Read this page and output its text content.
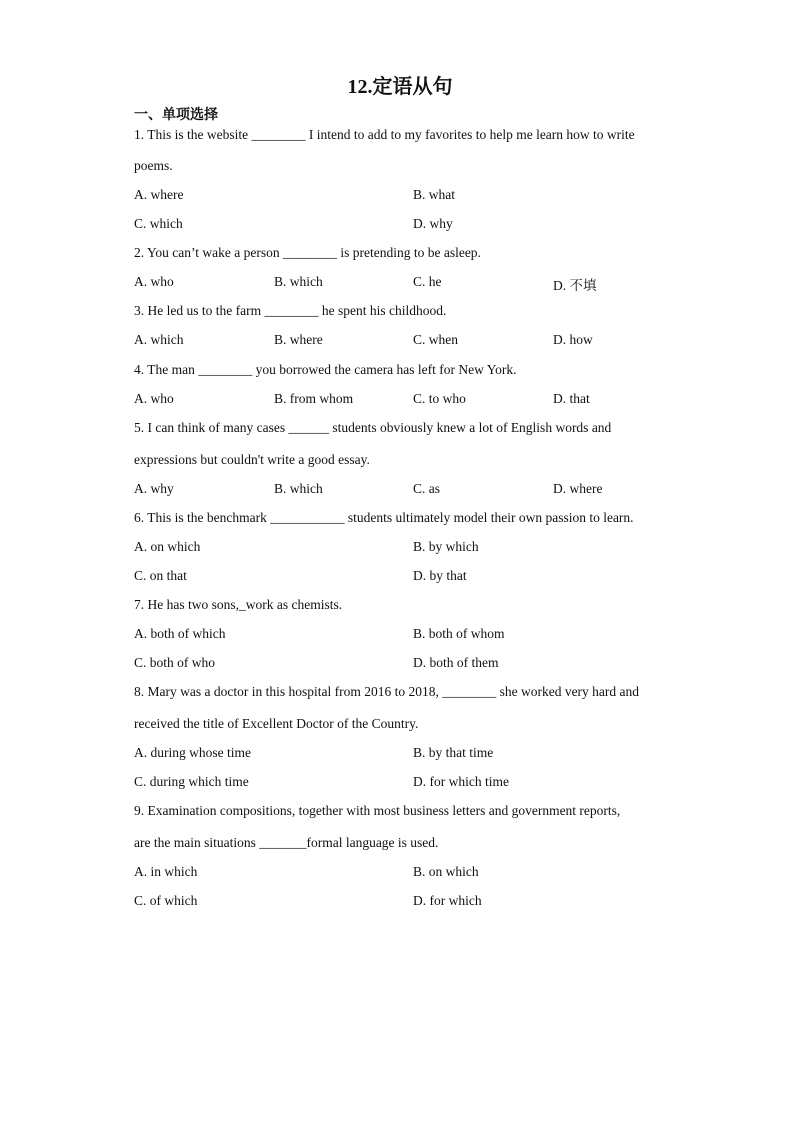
12.定语从句
一、单项选择
1. This is the website ________ I intend to add to my favorites to help me learn how to write
poems.
A. where	B. what
C. which	D. why
2. You can’t wake a person ________ is pretending to be asleep.
A. who	B. which	C. he	D. 不填
3. He led us to the farm ________ he spent his childhood.
A. which	B. where	C. when	D. how
4. The man ________ you borrowed the camera has left for New York.
A. who	B. from whom	C. to who	D. that
5. I can think of many cases ______ students obviously knew a lot of English words and
expressions but couldn't write a good essay.
A. why	B. which	C. as	D. where
6. This is the benchmark ___________ students ultimately model their own passion to learn.
A. on which	B. by which
C. on that	D. by that
7. He has two sons,_work as chemists.
A. both of which	B. both of whom
C. both of who	D. both of them
8. Mary was a doctor in this hospital from 2016 to 2018, ________ she worked very hard and
received the title of Excellent Doctor of the Country.
A. during whose time	B. by that time
C. during which time	D. for which time
9. Examination compositions, together with most business letters and government reports,
are the main situations _______formal language is used.
A. in which	B. on which
C. of which	D. for which
